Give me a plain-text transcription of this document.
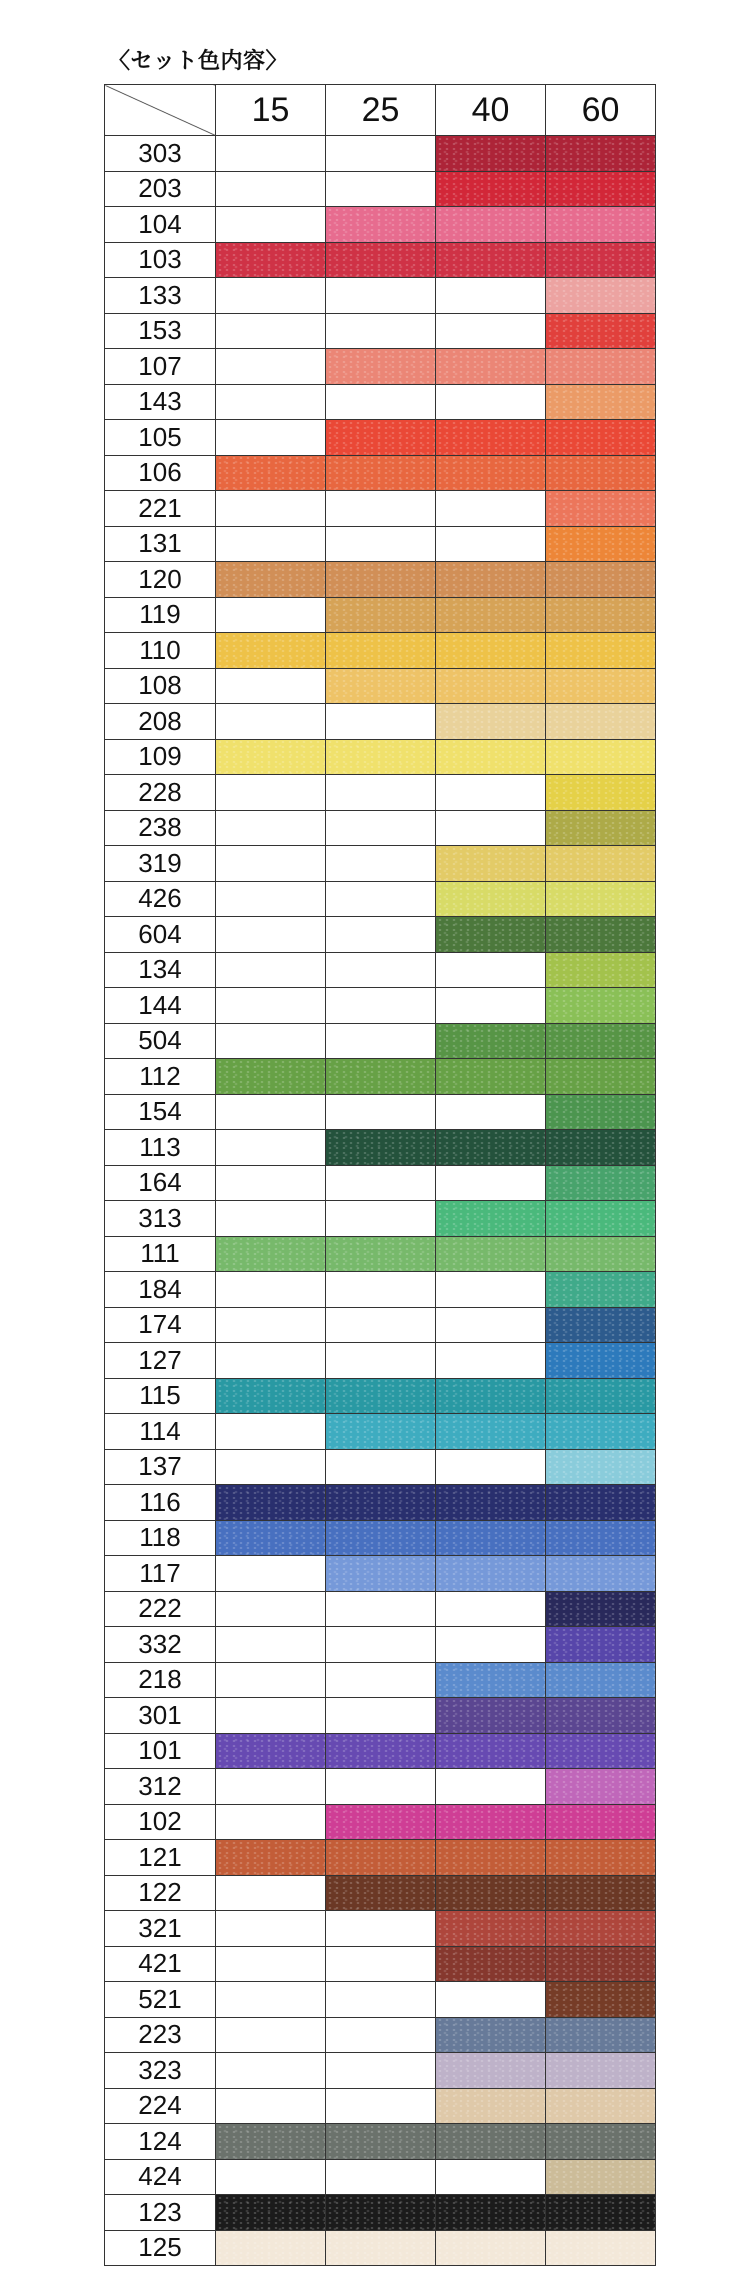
〈セット色内容〉
	15	25	40	60
303				
203				
104				
103				
133				
153				
107				
143				
105				
106				
221				
131				
120				
119				
110				
108				
208				
109				
228				
238				
319				
426				
604				
134				
144				
504				
112				
154				
113				
164				
313				
111				
184				
174				
127				
115				
114				
137				
116				
118				
117				
222				
332				
218				
301				
101				
312				
102				
121				
122				
321				
421				
521				
223				
323				
224				
124				
424				
123				
125				
